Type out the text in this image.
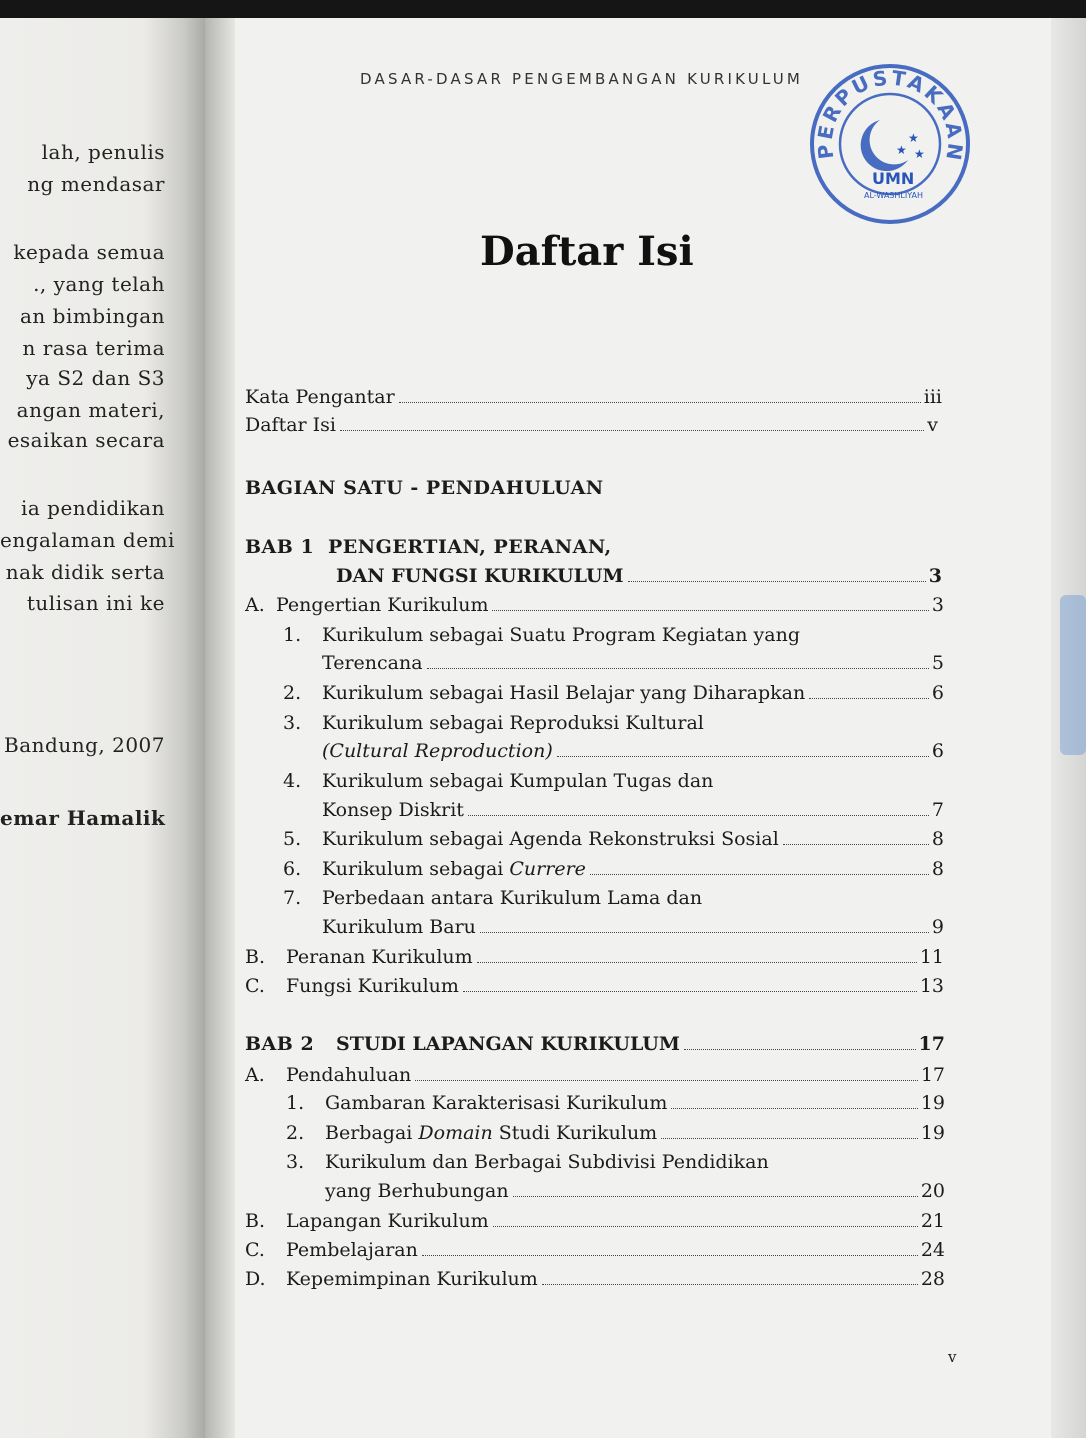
lah, penulis
ng mendasar
kepada semua
., yang telah
an bimbingan
n rasa terima
ya S2 dan S3
angan materi,
esaikan secara
ia pendidikan
engalaman demi
nak didik serta
tulisan ini ke
Bandung, 2007
emar Hamalik
DASAR-DASAR PENGEMBANGAN KURIKULUM
PERPUSTAKAAN
★
★ ★
UMN
AL-WASHLIYAH
Daftar Isi
Kata Pengantar	iii
Daftar Isi	v
BAGIAN SATU - PENDAHULUAN
BAB 1 PENGERTIAN, PERANAN,
DAN FUNGSI KURIKULUM	3
A. Pengertian Kurikulum	3
1. Kurikulum sebagai Suatu Program Kegiatan yang
Terencana	5
2. Kurikulum sebagai Hasil Belajar yang Diharapkan	6
3. Kurikulum sebagai Reproduksi Kultural
(Cultural Reproduction)	6
4. Kurikulum sebagai Kumpulan Tugas dan
Konsep Diskrit	7
5. Kurikulum sebagai Agenda Rekonstruksi Sosial	8
6. Kurikulum sebagai Currere	8
7. Perbedaan antara Kurikulum Lama dan
Kurikulum Baru	9
B. Peranan Kurikulum	11
C. Fungsi Kurikulum	13
BAB 2 STUDI LAPANGAN KURIKULUM	17
A. Pendahuluan	17
1. Gambaran Karakterisasi Kurikulum	19
2. Berbagai Domain Studi Kurikulum	19
3. Kurikulum dan Berbagai Subdivisi Pendidikan
yang Berhubungan	20
B. Lapangan Kurikulum	21
C. Pembelajaran	24
D. Kepemimpinan Kurikulum	28
v
